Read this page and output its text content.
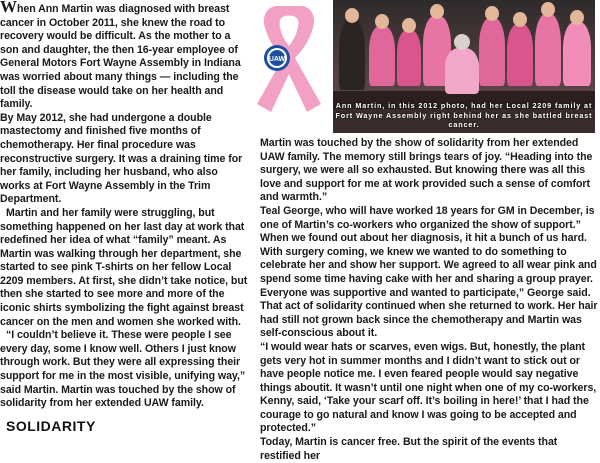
When Ann Martin was diagnosed with breast cancer in October 2011, she knew the road to recovery would be difficult. As the mother to a son and daughter, the then 16-year employee of General Motors Fort Wayne Assembly in Indiana was worried about many things — including the toll the disease would take on her health and family.

By May 2012, she had undergone a double mastectomy and finished five months of chemotherapy. Her final procedure was reconstructive surgery. It was a draining time for her family, including her husband, who also works at Fort Wayne Assembly in the Trim Department.

Martin and her family were struggling, but something happened on her last day at work that redefined her idea of what “family” meant. As Martin was walking through her department, she started to see pink T-shirts on her fellow Local 2209 members. At first, she didn’t take notice, but then she started to see more and more of the iconic shirts symbolizing the fight against breast cancer on the men and women she worked with.

“I couldn’t believe it. These were people I see every day, some I know well. Others I just know through work. But they were all expressing their support for me in the most visible, unifying way,” said Martin. Martin was touched by the show of solidarity from her extended UAW family.

SOLIDARITY
UAW
Ann Martin, in this 2012 photo, had her Local 2209 family at Fort Wayne Assembly right behind her as she battled breast cancer.

Martin was touched by the show of solidarity from her extended UAW family. The memory still brings tears of joy. “Heading into the surgery, we were all so exhausted. But knowing there was all this love and support for me at work provided such a sense of comfort and warmth.”

Teal George, who will have worked 18 years for GM in December, is one of Martin’s co-workers who organized the show of support.”

When we found out about her diagnosis, it hit a bunch of us hard. With surgery coming, we knew we wanted to do something to celebrate her and show her support. We agreed to all wear pink and spend some time having cake with her and sharing a group prayer. Everyone was supportive and wanted to participate,” George said.

That act of solidarity continued when she returned to work. Her hair had still not grown back since the chemotherapy and Martin was self-conscious about it.

“I would wear hats or scarves, even wigs. But, honestly, the plant gets very hot in summer months and I didn’t want to stick out or have people notice me. I even feared people would say negative things aboutit. It wasn’t until one night when one of my co-workers, Kenny, said, ‘Take your scarf off. It’s boiling in here!’ that I had the courage to go natural and know I was going to be accepted and protected.”

Today, Martin is cancer free. But the spirit of the events that restified her
